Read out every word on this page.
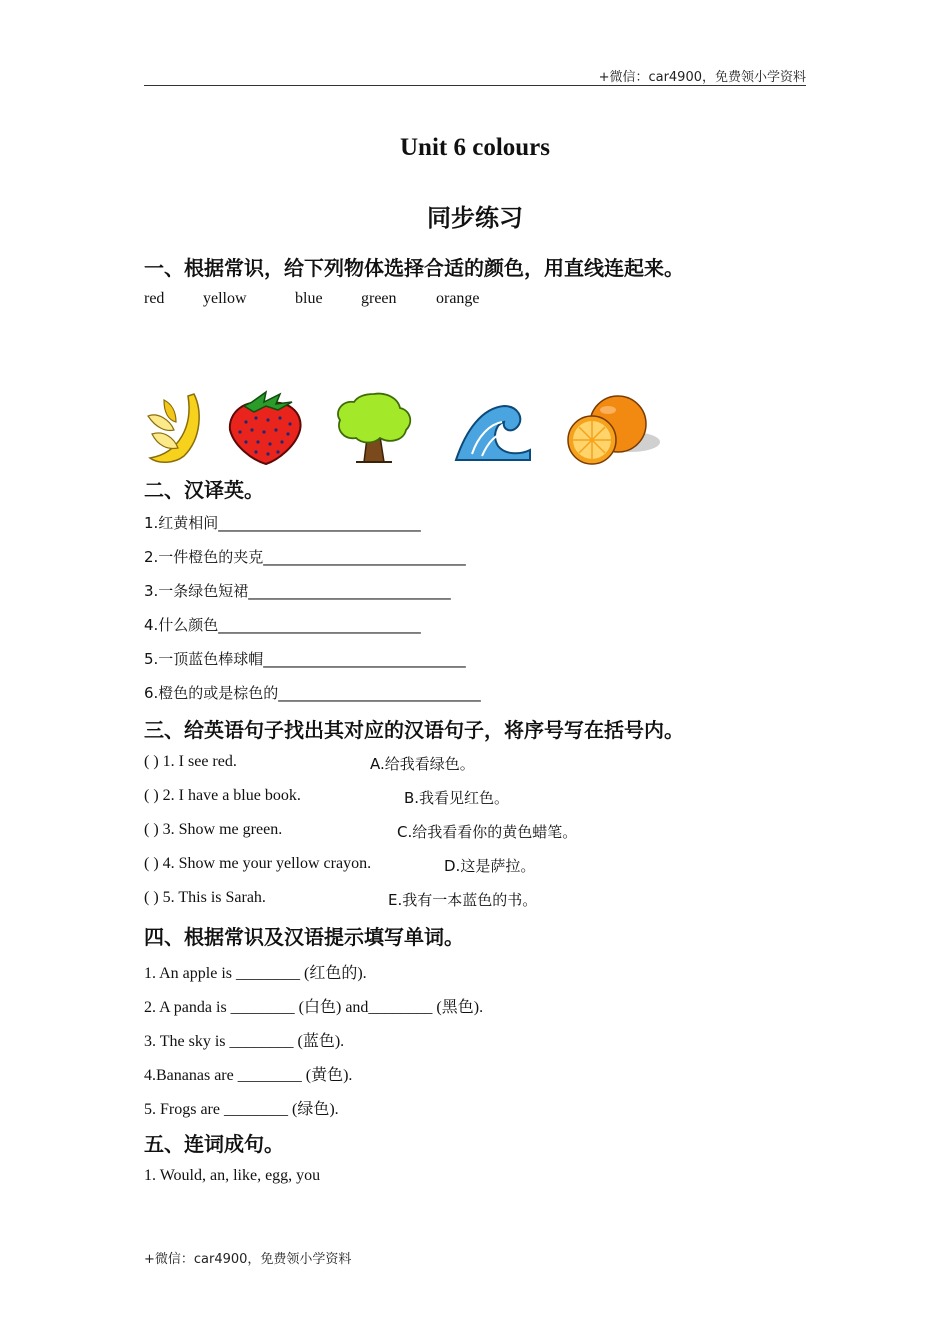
+微信：car4900，免费领小学资料
Unit 6 colours
同步练习
一、根据常识，给下列物体选择合适的颜色，用直线连起来。
red yellow	blue green orange
二、汉译英。
1.红黄相间___________________________
2.一件橙色的夹克___________________________
3.一条绿色短裙___________________________
4.什么颜色___________________________
5.一顶蓝色棒球帽___________________________
6.橙色的或是棕色的___________________________
三、给英语句子找出其对应的汉语句子，将序号写在括号内。
( ) 1. I see red.	A.给我看绿色。
( ) 2. I have a blue book.	B.我看见红色。
( ) 3. Show me green.	C.给我看看你的黄色蜡笔。
( ) 4. Show me your yellow crayon.	D.这是萨拉。
( ) 5. This is Sarah.	E.我有一本蓝色的书。
四、根据常识及汉语提示填写单词。
1. An apple is ________ (红色的).
2. A panda is ________ (白色) and________ (黑色).
3. The sky is ________ (蓝色).
4.Bananas are ________ (黄色).
5. Frogs are ________ (绿色).
五、连词成句。
1. Would, an, like, egg, you
+微信：car4900，免费领小学资料
